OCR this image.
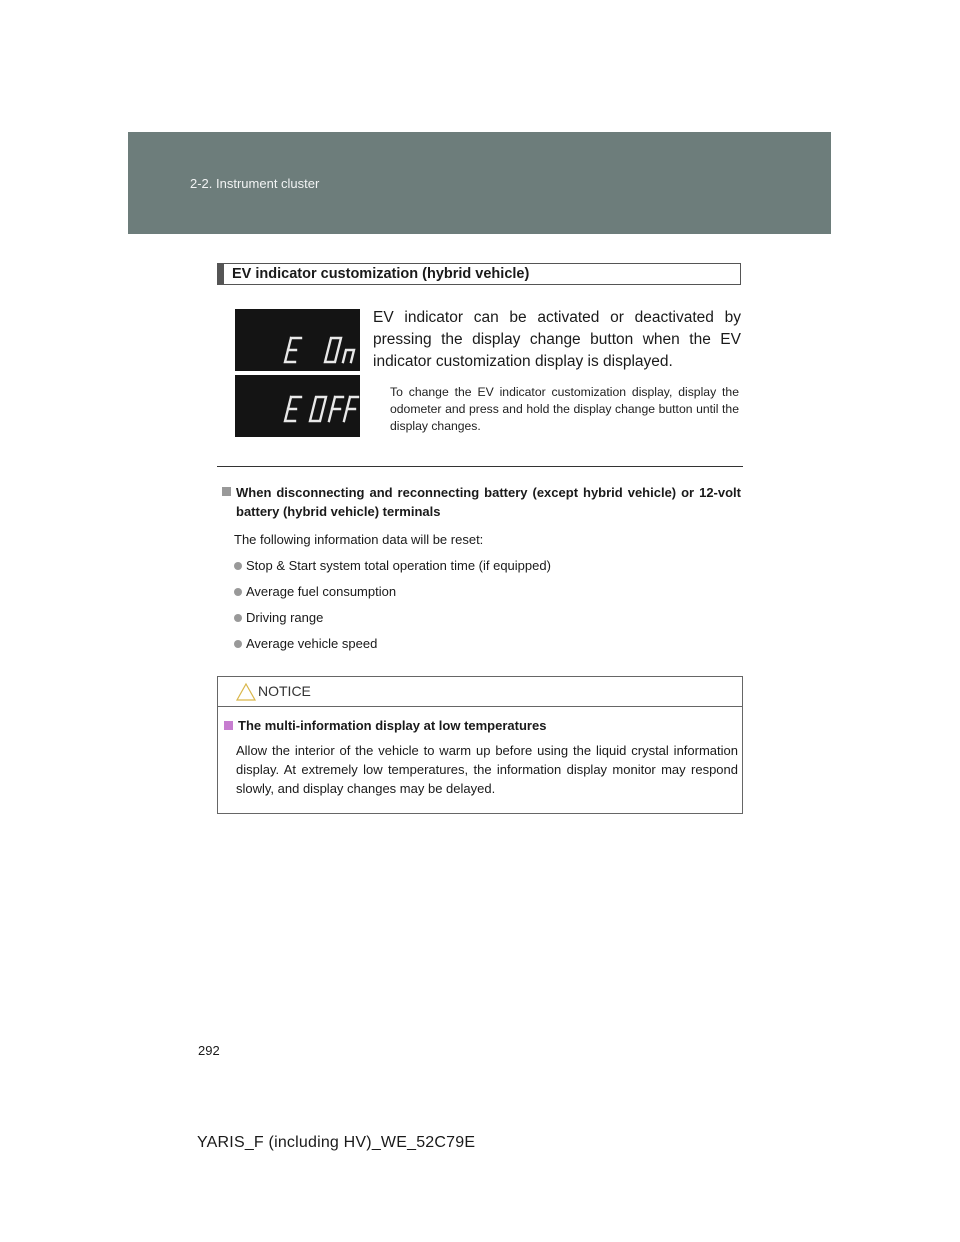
2-2. Instrument cluster
EV indicator customization (hybrid vehicle)
OFF
EV indicator can be activated or deactivated by pressing the display change button when the EV indicator customization display is displayed.
To change the EV indicator customization display, display the odometer and press and hold the display change button until the display changes.
When disconnecting and reconnecting battery (except hybrid vehicle) or 12-volt battery (hybrid vehicle) terminals
The following information data will be reset:
Stop & Start system total operation time (if equipped)
Average fuel consumption
Driving range
Average vehicle speed
NOTICE
The multi-information display at low temperatures
Allow the interior of the vehicle to warm up before using the liquid crystal information display. At extremely low temperatures, the information display monitor may respond slowly, and display changes may be delayed.
292
YARIS_F (including HV)_WE_52C79E
